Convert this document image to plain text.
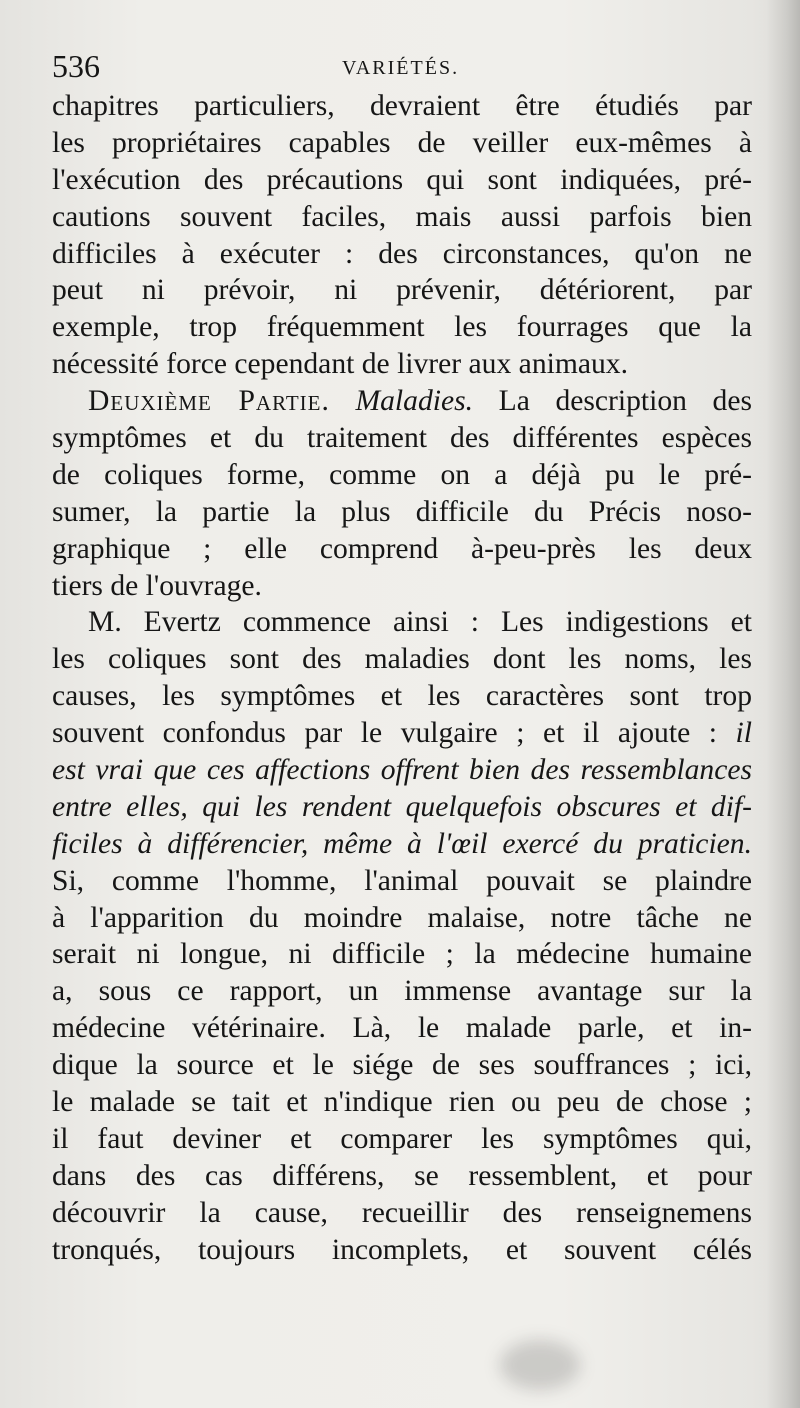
536	VARIÉTÉS.
chapitres particuliers, devraient être étudiés par
les propriétaires capables de veiller eux-mêmes à
l'exécution des précautions qui sont indiquées, pré-
cautions souvent faciles, mais aussi parfois bien
difficiles à exécuter : des circonstances, qu'on ne
peut ni prévoir, ni prévenir, détériorent, par
exemple, trop fréquemment les fourrages que la
nécessité force cependant de livrer aux animaux.
Deuxième Partie. Maladies. La description des
symptômes et du traitement des différentes espèces
de coliques forme, comme on a déjà pu le pré-
sumer, la partie la plus difficile du Précis noso-
graphique ; elle comprend à-peu-près les deux
tiers de l'ouvrage.
M. Evertz commence ainsi : Les indigestions et
les coliques sont des maladies dont les noms, les
causes, les symptômes et les caractères sont trop
souvent confondus par le vulgaire ; et il ajoute : il
est vrai que ces affections offrent bien des ressemblances
entre elles, qui les rendent quelquefois obscures et dif-
ficiles à différencier, même à l'œil exercé du praticien.
Si, comme l'homme, l'animal pouvait se plaindre
à l'apparition du moindre malaise, notre tâche ne
serait ni longue, ni difficile ; la médecine humaine
a, sous ce rapport, un immense avantage sur la
médecine vétérinaire. Là, le malade parle, et in-
dique la source et le siége de ses souffrances ; ici,
le malade se tait et n'indique rien ou peu de chose ;
il faut deviner et comparer les symptômes qui,
dans des cas différens, se ressemblent, et pour
découvrir la cause, recueillir des renseignemens
tronqués, toujours incomplets, et souvent célés
